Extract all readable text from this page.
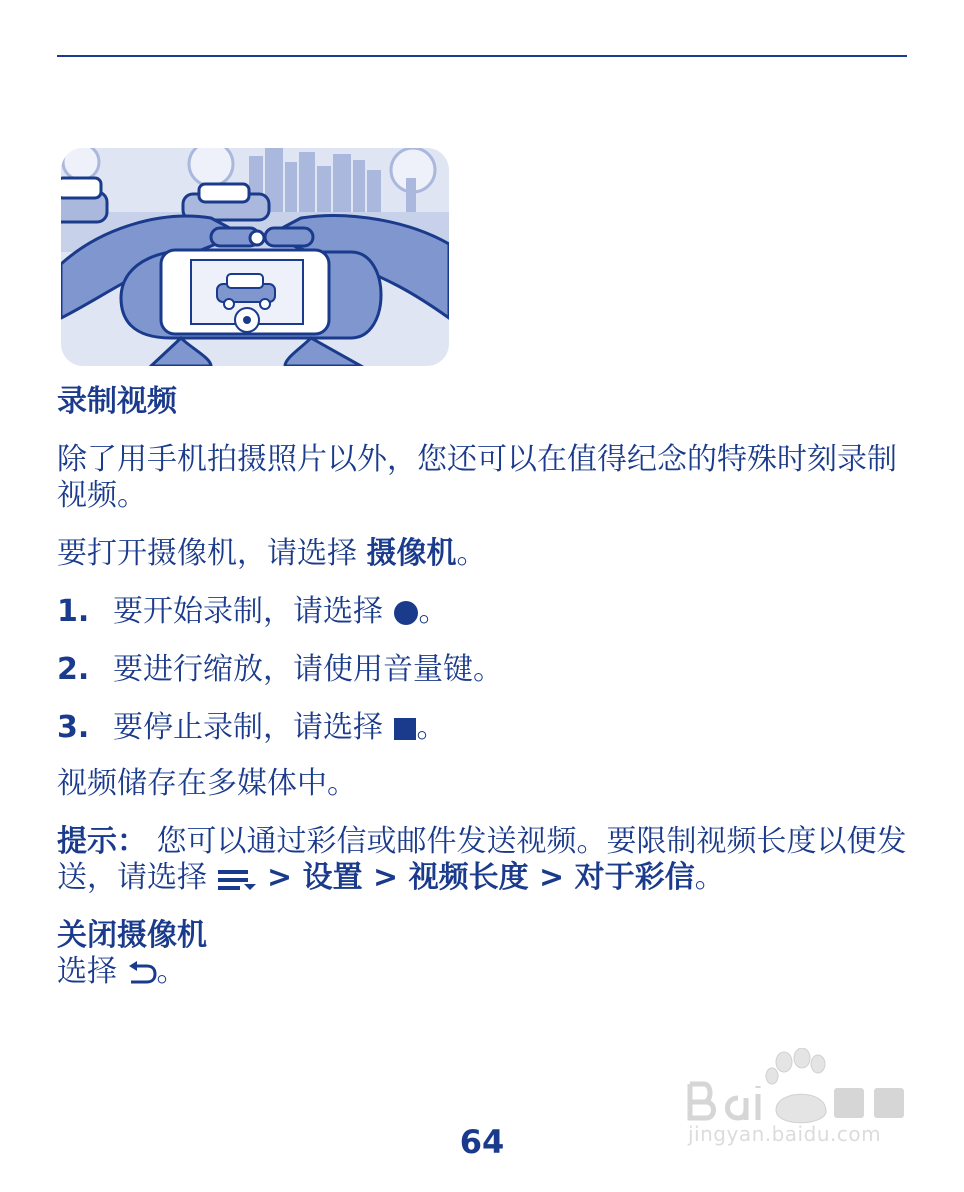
录制视频

除了用手机拍摄照片以外，您还可以在值得纪念的特殊时刻录制视频。

要打开摄像机，请选择 摄像机。

1. 要开始录制，请选择 。

2. 要进行缩放，请使用音量键。

3. 要停止录制，请选择 。

视频储存在多媒体中。

提示： 您可以通过彩信或邮件发送视频。要限制视频长度以便发送，请选择  > 设置 > 视频长度 > 对于彩信。

关闭摄像机

选择 。

jingyan.baidu.com
64
